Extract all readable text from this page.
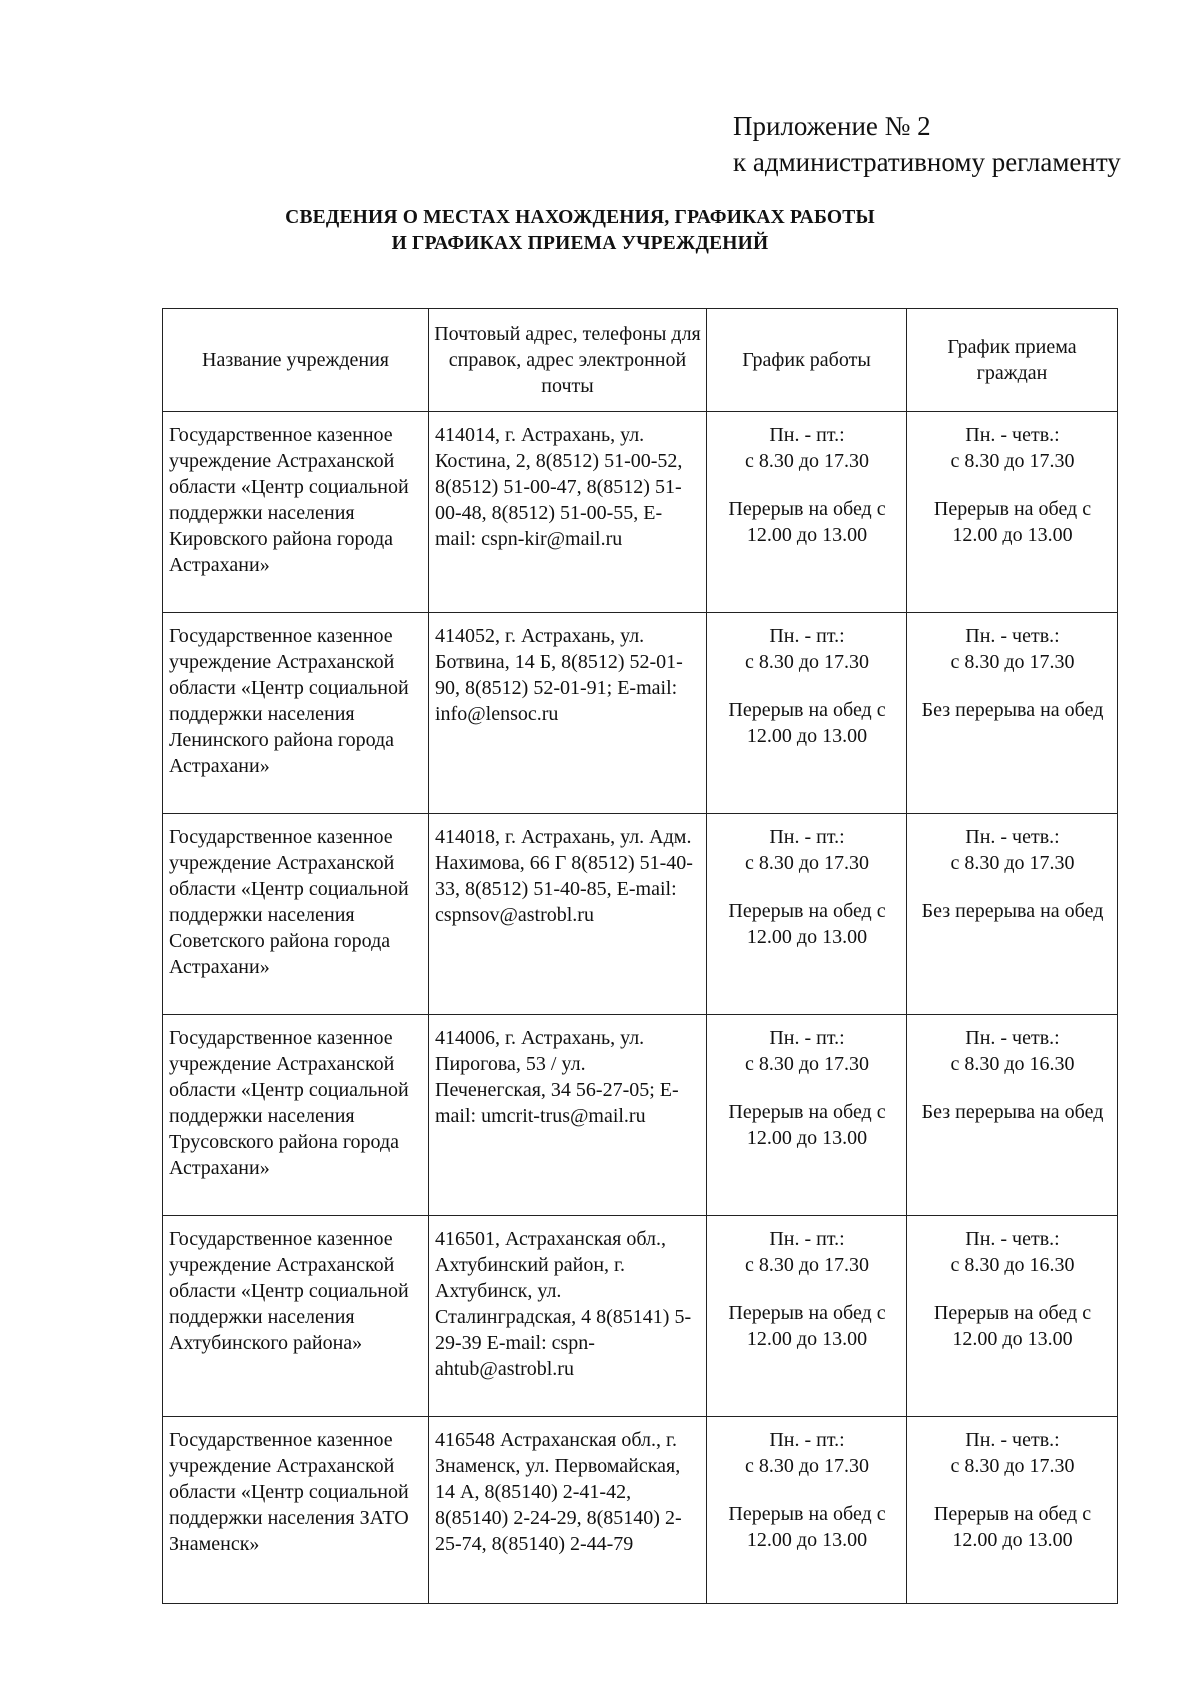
Приложение № 2
к административному регламенту
СВЕДЕНИЯ О МЕСТАХ НАХОЖДЕНИЯ, ГРАФИКАХ РАБОТЫ
И ГРАФИКАХ ПРИЕМА УЧРЕЖДЕНИЙ
Название учреждения	Почтовый адрес, телефоны для справок, адрес электронной почты	График работы	График приема граждан
Государственное казенное учреждение Астраханской области «Центр социальной поддержки населения Кировского района города Астрахани»	414014, г. Астрахань, ул. Костина, 2, 8(8512) 51-00-52, 8(8512) 51-00-47, 8(8512) 51-00-48, 8(8512) 51-00-55, E-mail: cspn-kir@mail.ru	Пн. - пт.:
с 8.30 до 17.30
Перерыв на обед с 12.00 до 13.00	Пн. - четв.:
с 8.30 до 17.30
Перерыв на обед с 12.00 до 13.00

Государственное казенное учреждение Астраханской области «Центр социальной поддержки населения Ленинского района города Астрахани»	414052, г. Астрахань, ул. Ботвина, 14 Б, 8(8512) 52-01-90, 8(8512) 52-01-91; E-mail: info@lensoc.ru	Пн. - пт.:
с 8.30 до 17.30
Перерыв на обед с 12.00 до 13.00	Пн. - четв.:
с 8.30 до 17.30
Без перерыва на обед

Государственное казенное учреждение Астраханской области «Центр социальной поддержки населения Советского района города Астрахани»	414018, г. Астрахань, ул. Адм. Нахимова, 66 Г 8(8512) 51-40-33, 8(8512) 51-40-85, E-mail: cspnsov@astrobl.ru	Пн. - пт.:
с 8.30 до 17.30
Перерыв на обед с 12.00 до 13.00	Пн. - четв.:
с 8.30 до 17.30
Без перерыва на обед

Государственное казенное учреждение Астраханской области «Центр социальной поддержки населения Трусовского района города Астрахани»	414006, г. Астрахань, ул. Пирогова, 53 / ул. Печенегская, 34 56-27-05; E-mail: umcrit-trus@mail.ru	Пн. - пт.:
с 8.30 до 17.30
Перерыв на обед с 12.00 до 13.00	Пн. - четв.:
с 8.30 до 16.30
Без перерыва на обед

Государственное казенное учреждение Астраханской области «Центр социальной поддержки населения Ахтубинского района»	416501, Астраханская обл., Ахтубинский район, г. Ахтубинск, ул. Сталинградская, 4 8(85141) 5-29-39 E-mail: cspn-ahtub@astrobl.ru	Пн. - пт.:
с 8.30 до 17.30
Перерыв на обед с 12.00 до 13.00	Пн. - четв.:
с 8.30 до 16.30
Перерыв на обед с 12.00 до 13.00

Государственное казенное учреждение Астраханской области «Центр социальной поддержки населения ЗАТО Знаменск»	416548 Астраханская обл., г. Знаменск, ул. Первомайская, 14 А, 8(85140) 2-41-42, 8(85140) 2-24-29, 8(85140) 2-25-74, 8(85140) 2-44-79	Пн. - пт.:
с 8.30 до 17.30
Перерыв на обед с 12.00 до 13.00	Пн. - четв.:
с 8.30 до 17.30
Перерыв на обед с 12.00 до 13.00
